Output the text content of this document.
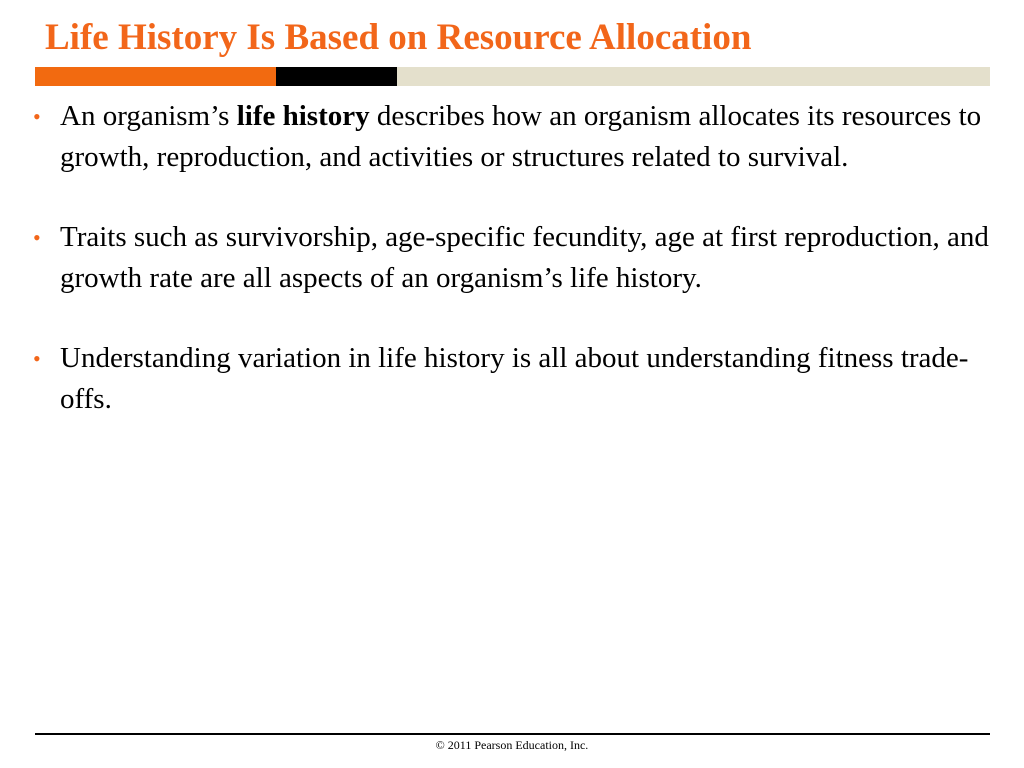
Life History Is Based on Resource Allocation
• An organism’s life history describes how an organism allocates its resources to growth, reproduction, and activities or structures related to survival.
• Traits such as survivorship, age-specific fecundity, age at first reproduction, and growth rate are all aspects of an organism’s life history.
• Understanding variation in life history is all about understanding fitness trade-offs.
© 2011 Pearson Education, Inc.
